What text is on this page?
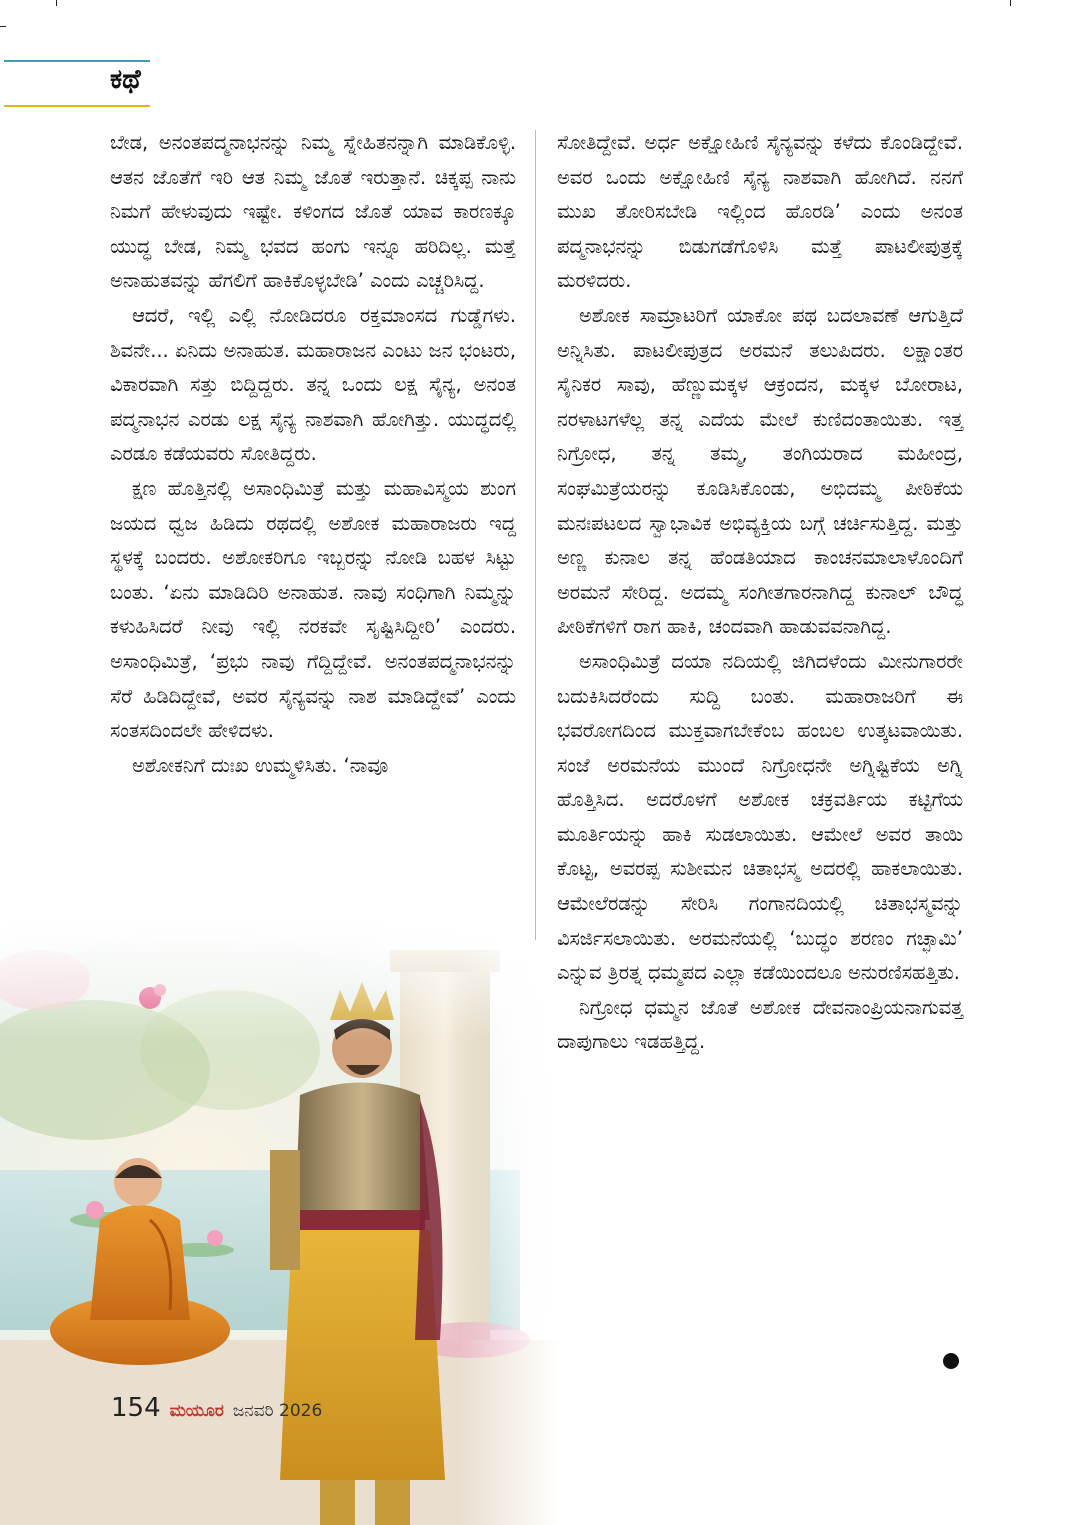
ಕಥೆ

ಬೇಡ, ಅನಂತಪದ್ಮನಾಭನನ್ನು ನಿಮ್ಮ ಸ್ನೇಹಿತನನ್ನಾಗಿ ಮಾಡಿಕೊಳ್ಳಿ. ಆತನ ಜೊತೆಗೆ ಇರಿ ಆತ ನಿಮ್ಮ ಜೊತೆ ಇರುತ್ತಾನೆ. ಚಿಕ್ಕಪ್ಪ ನಾನು ನಿಮಗೆ ಹೇಳುವುದು ಇಷ್ಟೇ. ಕಳಿಂಗದ ಜೊತೆ ಯಾವ ಕಾರಣಕ್ಕೂ ಯುದ್ಧ ಬೇಡ, ನಿಮ್ಮ ಭವದ ಹಂಗು ಇನ್ನೂ ಹರಿದಿಲ್ಲ. ಮತ್ತೆ ಅನಾಹುತವನ್ನು ಹೆಗಲಿಗೆ ಹಾಕಿಕೊಳ್ಳಬೇಡಿ’ ಎಂದು ಎಚ್ಚರಿಸಿದ್ದ.

ಆದರೆ, ಇಲ್ಲಿ ಎಲ್ಲಿ ನೋಡಿದರೂ ರಕ್ತಮಾಂಸದ ಗುಡ್ಡೆಗಳು. ಶಿವನೇ... ಏನಿದು ಅನಾಹುತ. ಮಹಾರಾಜನ ಎಂಟು ಜನ ಭಂಟರು, ವಿಕಾರವಾಗಿ ಸತ್ತು ಬಿದ್ದಿದ್ದರು. ತನ್ನ ಒಂದು ಲಕ್ಷ ಸೈನ್ಯ, ಅನಂತ ಪದ್ಮನಾಭನ ಎರಡು ಲಕ್ಷ ಸೈನ್ಯ ನಾಶವಾಗಿ ಹೋಗಿತ್ತು. ಯುದ್ಧದಲ್ಲಿ ಎರಡೂ ಕಡೆಯವರು ಸೋತಿದ್ದರು.

ಕ್ಷಣ ಹೊತ್ತಿನಲ್ಲಿ ಅಸಾಂಧಿಮಿತ್ರೆ ಮತ್ತು ಮಹಾವಿಸ್ಮಯ ಶುಂಗ ಜಯದ ಧ್ವಜ ಹಿಡಿದು ರಥದಲ್ಲಿ ಅಶೋಕ ಮಹಾರಾಜರು ಇದ್ದ ಸ್ಥಳಕ್ಕೆ ಬಂದರು. ಅಶೋಕರಿಗೂ ಇಬ್ಬರನ್ನು ನೋಡಿ ಬಹಳ ಸಿಟ್ಟು ಬಂತು. ‘ಏನು ಮಾಡಿದಿರಿ ಅನಾಹುತ. ನಾವು ಸಂಧಿಗಾಗಿ ನಿಮ್ಮನ್ನು ಕಳುಹಿಸಿದರೆ ನೀವು ಇಲ್ಲಿ ನರಕವೇ ಸೃಷ್ಟಿಸಿದ್ದೀರಿ’ ಎಂದರು. ಅಸಾಂಧಿಮಿತ್ರೆ, ‘ಪ್ರಭು ನಾವು ಗೆದ್ದಿದ್ದೇವೆ. ಅನಂತಪದ್ಮನಾಭನನ್ನು ಸೆರೆ ಹಿಡಿದಿದ್ದೇವೆ, ಅವರ ಸೈನ್ಯವನ್ನು ನಾಶ ಮಾಡಿದ್ದೇವೆ’ ಎಂದು ಸಂತಸದಿಂದಲೇ ಹೇಳಿದಳು.

ಅಶೋಕನಿಗೆ ದುಃಖ ಉಮ್ಮಳಿಸಿತು. ‘ನಾವೂ

ಸೋತಿದ್ದೇವೆ. ಅರ್ಧ ಅಕ್ಷೋಹಿಣಿ ಸೈನ್ಯವನ್ನು ಕಳೆದು ಕೊಂಡಿದ್ದೇವೆ. ಅವರ ಒಂದು ಅಕ್ಷೋಹಿಣಿ ಸೈನ್ಯ ನಾಶವಾಗಿ ಹೋಗಿದೆ. ನನಗೆ ಮುಖ ತೋರಿಸಬೇಡಿ ಇಲ್ಲಿಂದ ಹೊರಡಿ’ ಎಂದು ಅನಂತ ಪದ್ಮನಾಭನನ್ನು ಬಿಡುಗಡೆಗೊಳಿಸಿ ಮತ್ತೆ ಪಾಟಲೀಪುತ್ರಕ್ಕೆ ಮರಳಿದರು.

ಅಶೋಕ ಸಾಮ್ರಾಟರಿಗೆ ಯಾಕೋ ಪಥ ಬದಲಾವಣೆ ಆಗುತ್ತಿದೆ ಅನ್ನಿಸಿತು. ಪಾಟಲೀಪುತ್ರದ ಅರಮನೆ ತಲುಪಿದರು. ಲಕ್ಷಾಂತರ ಸೈನಿಕರ ಸಾವು, ಹೆಣ್ಣುಮಕ್ಕಳ ಆಕ್ರಂದನ, ಮಕ್ಕಳ ಬೋರಾಟ, ನರಳಾಟಗಳೆಲ್ಲ ತನ್ನ ಎದೆಯ ಮೇಲೆ ಕುಣಿದಂತಾಯಿತು. ಇತ್ತ ನಿಗ್ರೋಧ, ತನ್ನ ತಮ್ಮ, ತಂಗಿಯರಾದ ಮಹೀಂದ್ರ, ಸಂಘಮಿತ್ರೆಯರನ್ನು ಕೂಡಿಸಿಕೊಂಡು, ಅಭಿದಮ್ಮ ಪೀಠಿಕೆಯ ಮನಃಪಟಲದ ಸ್ವಾಭಾವಿಕ ಅಭಿವ್ಯಕ್ತಿಯ ಬಗ್ಗೆ ಚರ್ಚಿಸುತ್ತಿದ್ದ. ಮತ್ತು ಅಣ್ಣ ಕುನಾಲ ತನ್ನ ಹೆಂಡತಿಯಾದ ಕಾಂಚನಮಾಲಾಳೊಂದಿಗೆ ಅರಮನೆ ಸೇರಿದ್ದ. ಅದಮ್ಮ ಸಂಗೀತಗಾರನಾಗಿದ್ದ ಕುನಾಲ್ ಬೌದ್ಧ ಪೀಠಿಕೆಗಳಿಗೆ ರಾಗ ಹಾಕಿ, ಚಂದವಾಗಿ ಹಾಡುವವನಾಗಿದ್ದ.

ಅಸಾಂಧಿಮಿತ್ರೆ ದಯಾ ನದಿಯಲ್ಲಿ ಜಿಗಿದಳೆಂದು ಮೀನುಗಾರರೇ ಬದುಕಿಸಿದರೆಂದು ಸುದ್ದಿ ಬಂತು. ಮಹಾರಾಜರಿಗೆ ಈ ಭವರೋಗದಿಂದ ಮುಕ್ತವಾಗಬೇಕೆಂಬ ಹಂಬಲ ಉತ್ಕಟವಾಯಿತು. ಸಂಜೆ ಅರಮನೆಯ ಮುಂದೆ ನಿಗ್ರೋಧನೇ ಅಗ್ನಿಷ್ಟಿಕೆಯ ಅಗ್ನಿ ಹೊತ್ತಿಸಿದ. ಅದರೊಳಗೆ ಅಶೋಕ ಚಕ್ರವರ್ತಿಯ ಕಟ್ಟಿಗೆಯ ಮೂರ್ತಿಯನ್ನು ಹಾಕಿ ಸುಡಲಾಯಿತು. ಆಮೇಲೆ ಅವರ ತಾಯಿ ಕೊಟ್ಟ, ಅವರಪ್ಪ ಸುಶೀಮನ ಚಿತಾಭಸ್ಮ ಅದರಲ್ಲಿ ಹಾಕಲಾಯಿತು. ಆಮೇಲೆರಡನ್ನು ಸೇರಿಸಿ ಗಂಗಾನದಿಯಲ್ಲಿ ಚಿತಾಭಸ್ಮವನ್ನು ವಿಸರ್ಜಿಸಲಾಯಿತು. ಅರಮನೆಯಲ್ಲಿ ‘ಬುದ್ಧಂ ಶರಣಂ ಗಚ್ಛಾಮಿ’ ಎನ್ನುವ ತ್ರಿರತ್ನ ಧಮ್ಮಪದ ಎಲ್ಲಾ ಕಡೆಯಿಂದಲೂ ಅನುರಣಿಸಹತ್ತಿತು.

ನಿಗ್ರೋಧ ಧಮ್ಮನ ಜೊತೆ ಅಶೋಕ ದೇವನಾಂಪ್ರಿಯನಾಗುವತ್ತ ದಾಪುಗಾಲು ಇಡಹತ್ತಿದ್ದ.

154 ಮಯೂರ ಜನವರಿ 2026
